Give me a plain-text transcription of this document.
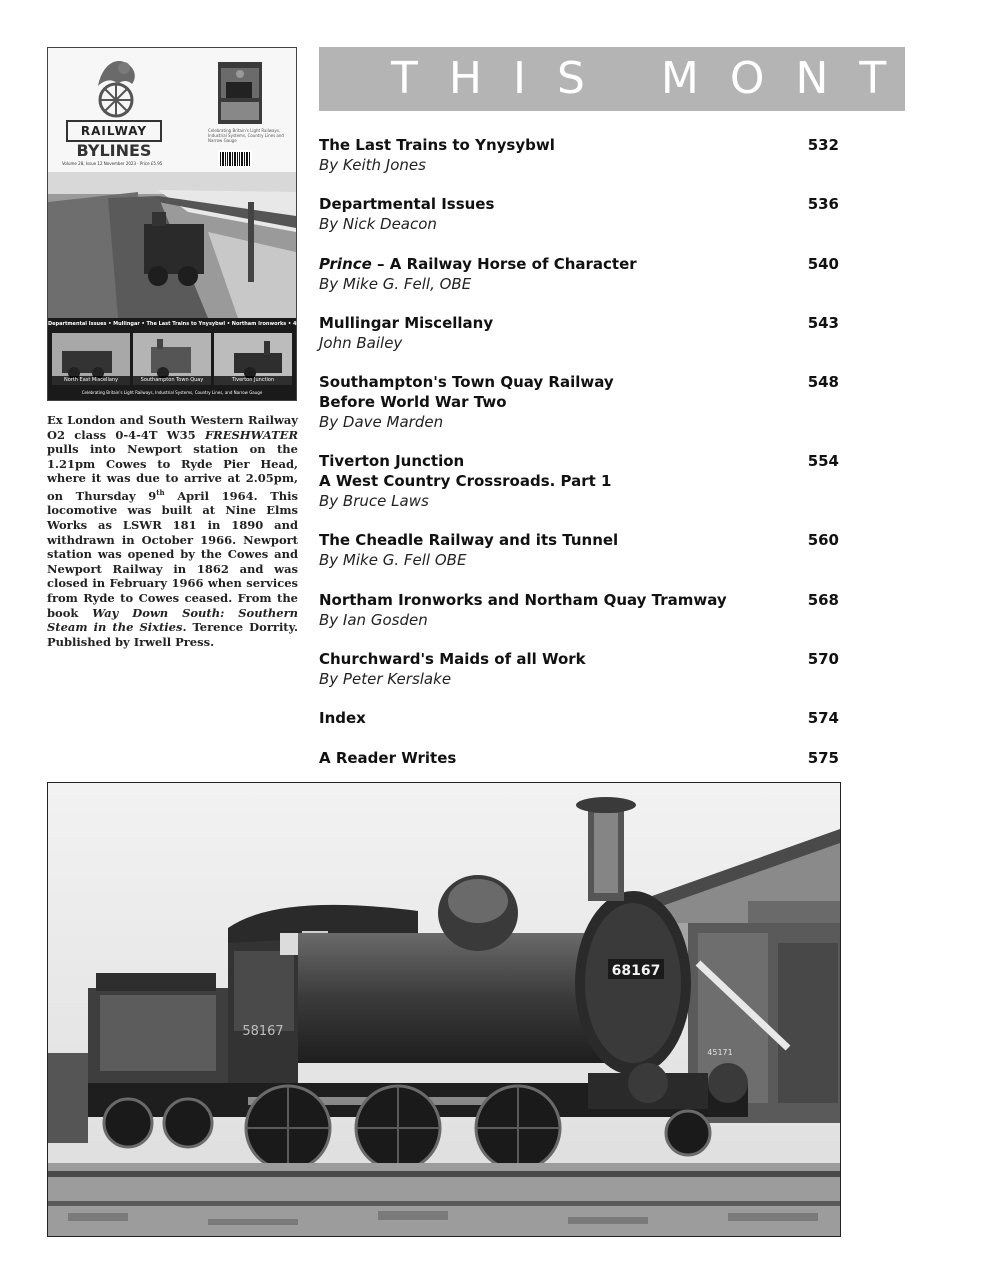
RAILWAY
BYLINES
Volume 28, Issue 12 November 2023 · Price £5.95
Celebrating Britain's Light Railways, Industrial Systems, Country Lines and Narrow Gauge
Departmental Issues • Mullingar • The Last Trains to Ynysybwl • Northam Ironworks • 45XX
North East Miscellany	Southampton Town Quay	Tiverton Junction
Celebrating Britain's Light Railways, Industrial Systems, Country Lines, and Narrow Gauge
Ex London and South Western Railway O2 class 0-4-4T W35 FRESHWATER pulls into Newport station on the 1.21pm Cowes to Ryde Pier Head, where it was due to arrive at 2.05pm, on Thursday 9th April 1964. This locomotive was built at Nine Elms Works as LSWR 181 in 1890 and withdrawn in October 1966. Newport station was opened by the Cowes and Newport Railway in 1862 and was closed in February 1966 when services from Ryde to Cowes ceased. From the book Way Down South: Southern Steam in the Sixties. Terence Dorrity. Published by Irwell Press.
THIS MONTH
The Last Trains to Ynysybwl	532
By Keith Jones
Departmental Issues	536
By Nick Deacon
Prince – A Railway Horse of Character	540
By Mike G. Fell, OBE
Mullingar Miscellany	543
John Bailey
Southampton's Town Quay Railway	548
Before World War Two
By Dave Marden
Tiverton Junction	554
A West Country Crossroads. Part 1
By Bruce Laws
The Cheadle Railway and its Tunnel	560
By Mike G. Fell OBE
Northam Ironworks and Northam Quay Tramway	568
By Ian Gosden
Churchward's Maids of all Work	570
By Peter Kerslake
Index	574
A Reader Writes	575
68167
58167
45171
